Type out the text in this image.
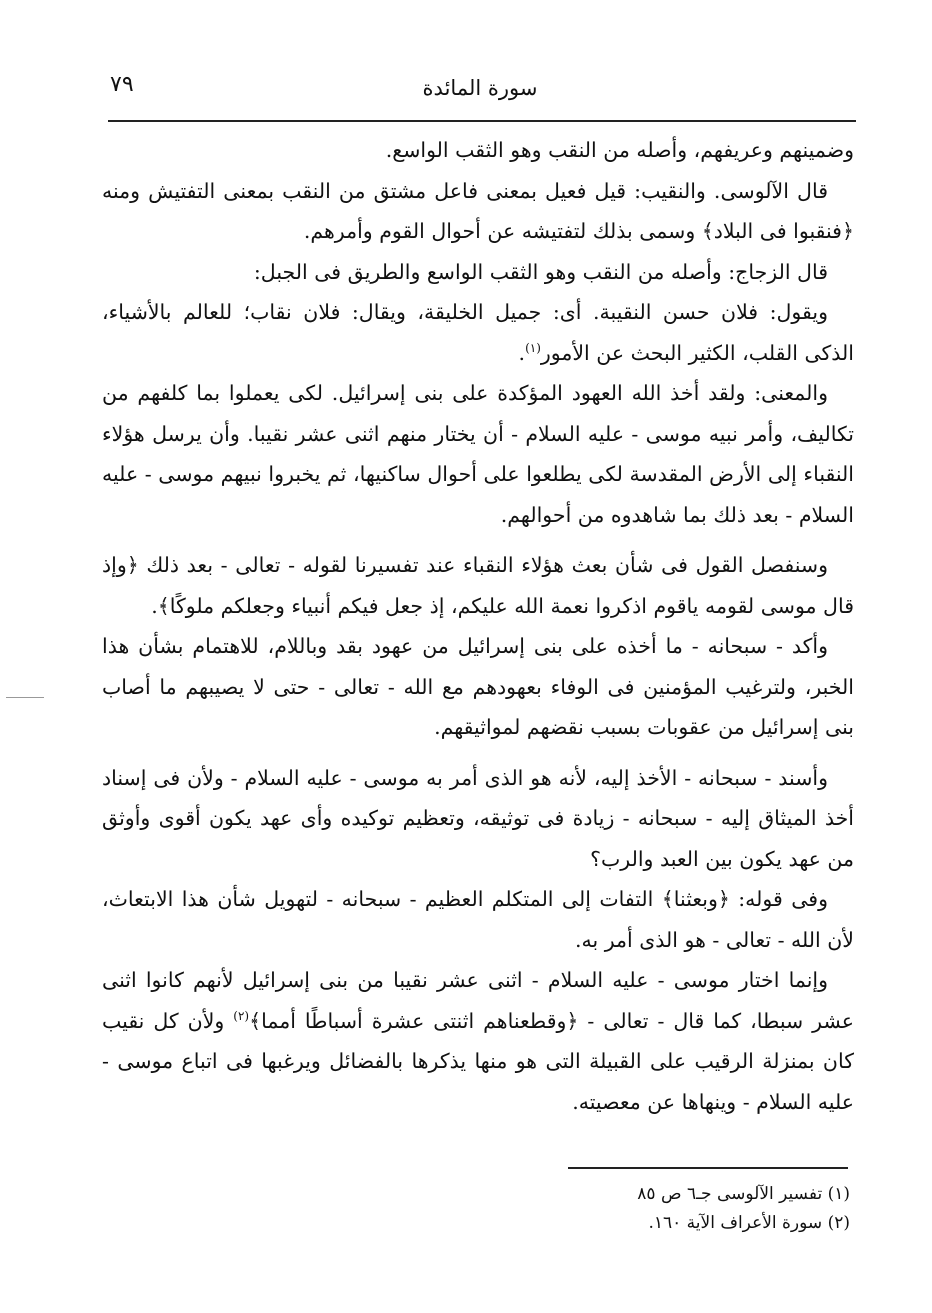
٧٩	سورة المائدة

وضمينهم وعريفهم، وأصله من النقب وهو الثقب الواسع.

قال الآلوسى. والنقيب: قيل فعيل بمعنى فاعل مشتق من النقب بمعنى التفتيش ومنه ﴿فنقبوا فى البلاد﴾ وسمى بذلك لتفتيشه عن أحوال القوم وأمرهم.

قال الزجاج: وأصله من النقب وهو الثقب الواسع والطريق فى الجبل:

ويقول: فلان حسن النقيبة. أى: جميل الخليقة، ويقال: فلان نقاب؛ للعالم بالأشياء، الذكى القلب، الكثير البحث عن الأمور$^{(١)}$.

والمعنى: ولقد أخذ الله العهود المؤكدة على بنى إسرائيل. لكى يعملوا بما كلفهم من تكاليف، وأمر نبيه موسى - عليه السلام - أن يختار منهم اثنى عشر نقيبا. وأن يرسل هؤلاء النقباء إلى الأرض المقدسة لكى يطلعوا على أحوال ساكنيها، ثم يخبروا نبيهم موسى - عليه السلام - بعد ذلك بما شاهدوه من أحوالهم.

وسنفصل القول فى شأن بعث هؤلاء النقباء عند تفسيرنا لقوله - تعالى - بعد ذلك ﴿وإذ قال موسى لقومه ياقوم اذكروا نعمة الله عليكم، إذ جعل فيكم أنبياء وجعلكم ملوكًا﴾.

وأكد - سبحانه - ما أخذه على بنى إسرائيل من عهود بقد وباللام، للاهتمام بشأن هذا الخبر، ولترغيب المؤمنين فى الوفاء بعهودهم مع الله - تعالى - حتى لا يصيبهم ما أصاب بنى إسرائيل من عقوبات بسبب نقضهم لمواثيقهم.

وأسند - سبحانه - الأخذ إليه، لأنه هو الذى أمر به موسى - عليه السلام - ولأن فى إسناد أخذ الميثاق إليه - سبحانه - زيادة فى توثيقه، وتعظيم توكيده وأى عهد يكون أقوى وأوثق من عهد يكون بين العبد والرب؟

وفى قوله: ﴿وبعثنا﴾ التفات إلى المتكلم العظيم - سبحانه - لتهويل شأن هذا الابتعاث، لأن الله - تعالى - هو الذى أمر به.

وإنما اختار موسى - عليه السلام - اثنى عشر نقيبا من بنى إسرائيل لأنهم كانوا اثنى عشر سبطا، كما قال - تعالى - ﴿وقطعناهم اثنتى عشرة أسباطًا أمما﴾$^{(٢)}$ ولأن كل نقيب كان بمنزلة الرقيب على القبيلة التى هو منها يذكرها بالفضائل ويرغبها فى اتباع موسى - عليه السلام - وينهاها عن معصيته.

(١) تفسير الآلوسى جـ٦ ص ٨٥

(٢) سورة الأعراف الآية ١٦٠.
